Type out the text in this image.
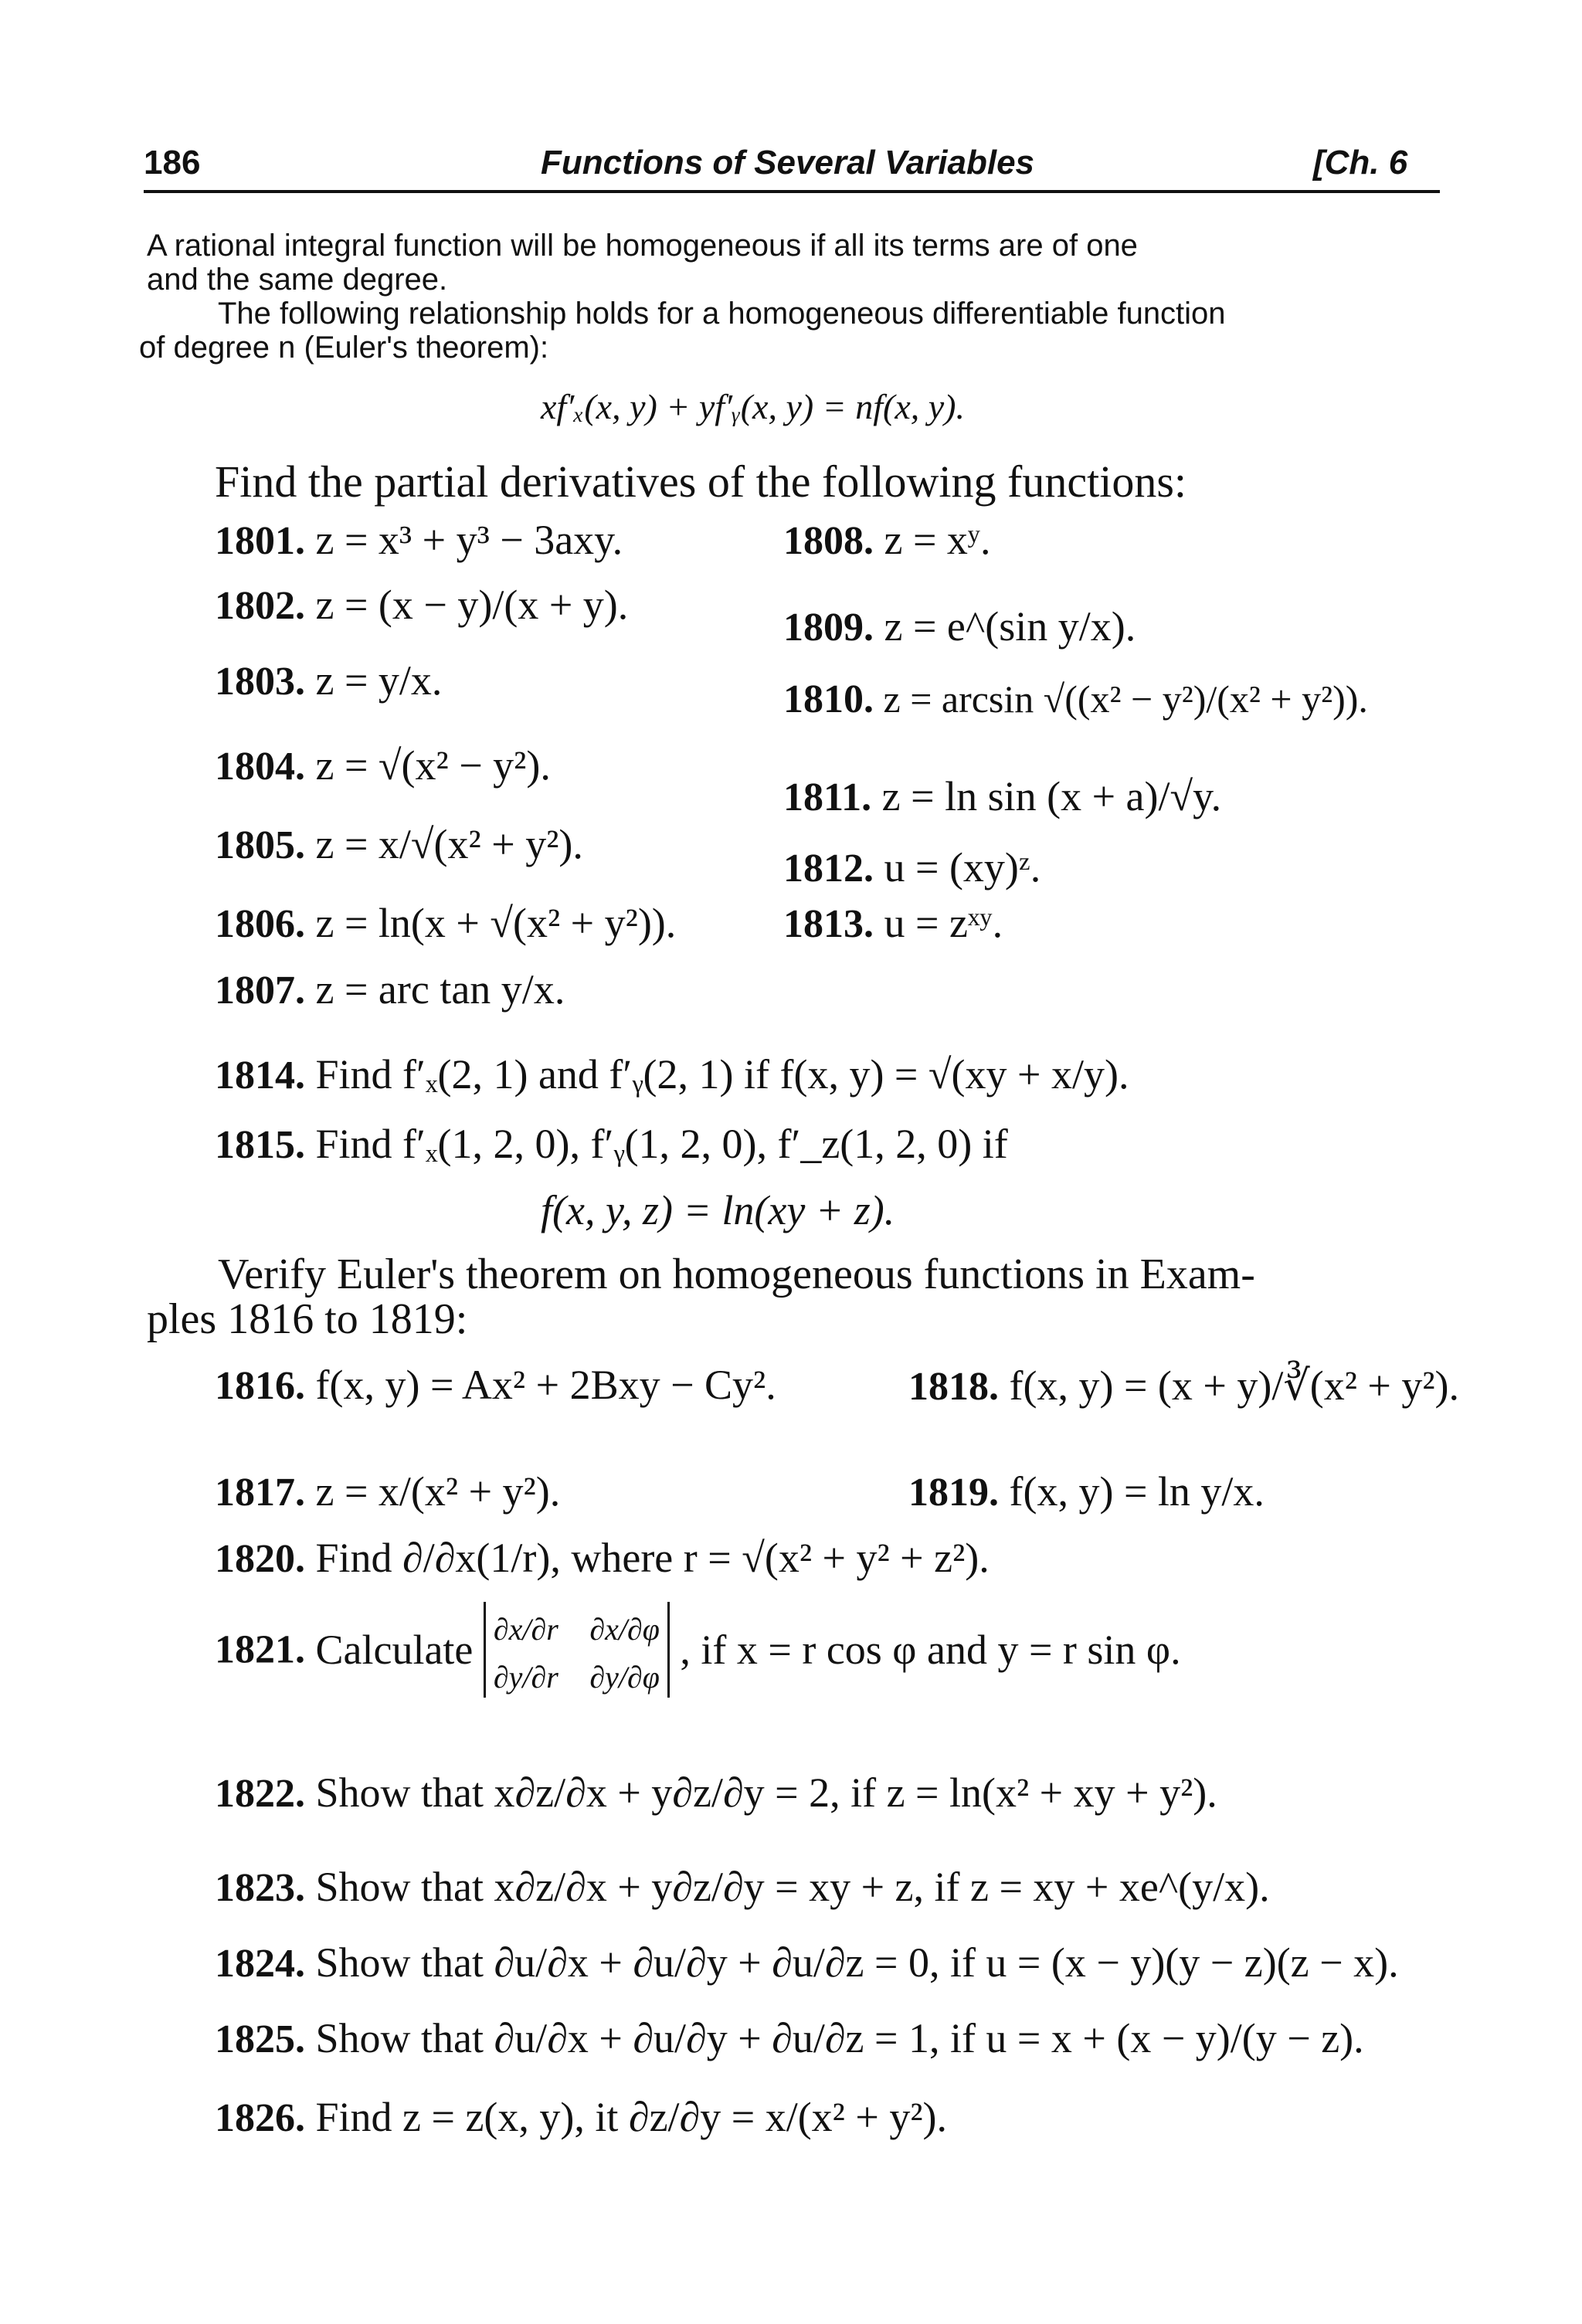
186	Functions of Several Variables	[Ch. 6
A rational integral function will be homogeneous if all its terms are of one
and the same degree.
The following relationship holds for a homogeneous differentiable function
of degree n (Euler's theorem):
xf′ₓ(x, y) + yf′ᵧ(x, y) = nf(x, y).
Find the partial derivatives of the following functions:
1801. z = x³ + y³ − 3axy.
1802. z = (x − y)/(x + y).
1803. z = y/x.
1804. z = √(x² − y²).
1805. z = x/√(x² + y²).
1806. z = ln(x + √(x² + y²)).
1807. z = arc tan y/x.
1808. z = xʸ.
1809. z = e^(sin y/x).
1810. z = arcsin √((x² − y²)/(x² + y²)).
1811. z = ln sin (x + a)/√y.
1812. u = (xy)ᶻ.
1813. u = zˣʸ.
1814. Find f′ₓ(2, 1) and f′ᵧ(2, 1) if f(x, y) = √(xy + x/y).
1815. Find f′ₓ(1, 2, 0), f′ᵧ(1, 2, 0), f′_z(1, 2, 0) if
f(x, y, z) = ln(xy + z).
Verify Euler's theorem on homogeneous functions in Exam-
ples 1816 to 1819:
1816. f(x, y) = Ax² + 2Bxy − Cy².	1818. f(x, y) = (x + y)/∛(x² + y²).
1817. z = x/(x² + y²).	1819. f(x, y) = ln y/x.
1820. Find ∂/∂x(1/r), where r = √(x² + y² + z²).
1821. Calculate ∂x/∂r ∂x/∂φ
∂y/∂r ∂y/∂φ
, if x = r cos φ and y = r sin φ.
1822. Show that x∂z/∂x + y∂z/∂y = 2, if z = ln(x² + xy + y²).
1823. Show that x∂z/∂x + y∂z/∂y = xy + z, if z = xy + xe^(y/x).
1824. Show that ∂u/∂x + ∂u/∂y + ∂u/∂z = 0, if u = (x − y)(y − z)(z − x).
1825. Show that ∂u/∂x + ∂u/∂y + ∂u/∂z = 1, if u = x + (x − y)/(y − z).
1826. Find z = z(x, y), it ∂z/∂y = x/(x² + y²).
